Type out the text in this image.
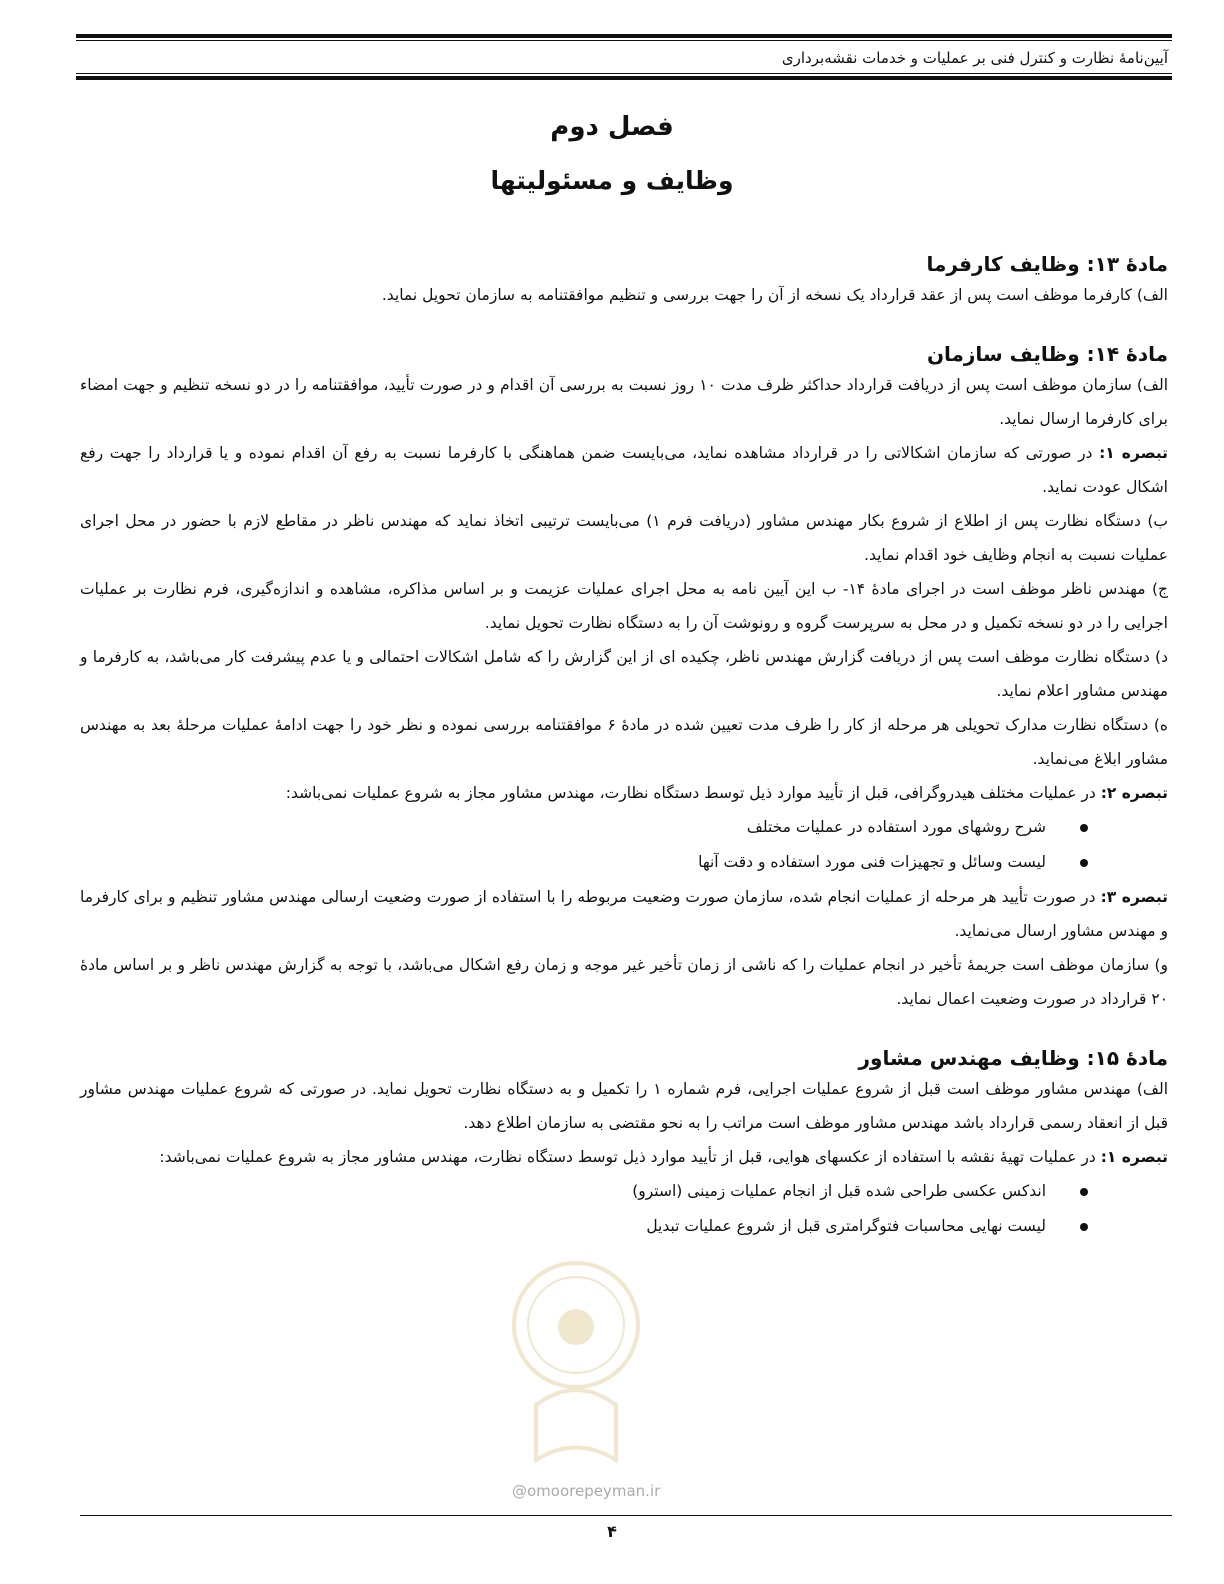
آیین‌نامهٔ نظارت و کنترل فنی بر عملیات و خدمات نقشه‌برداری
فصل دوم
وظایف و مسئولیتها

مادهٔ ۱۳: وظایف کارفرما

الف) کارفرما موظف است پس از عقد قرارداد یک نسخه از آن را جهت بررسی و تنظیم موافقتنامه به سازمان تحویل نماید.

مادهٔ ۱۴: وظایف سازمان

الف) سازمان موظف است پس از دریافت قرارداد حداکثر ظرف مدت ۱۰ روز نسبت به بررسی آن اقدام و در صورت تأیید، موافقتنامه را در دو نسخه تنظیم و جهت امضاء برای کارفرما ارسال نماید.

تبصره ۱: در صورتی که سازمان اشکالاتی را در قرارداد مشاهده نماید، می‌بایست ضمن هماهنگی با کارفرما نسبت به رفع آن اقدام نموده و یا قرارداد را جهت رفع اشکال عودت نماید.

ب) دستگاه نظارت پس از اطلاع از شروع بکار مهندس مشاور (دریافت فرم ۱) می‌بایست ترتیبی اتخاذ نماید که مهندس ناظر در مقاطع لازم با حضور در محل اجرای عملیات نسبت به انجام وظایف خود اقدام نماید.

ج) مهندس ناظر موظف است در اجرای مادهٔ ۱۴- ب این آیین نامه به محل اجرای عملیات عزیمت و بر اساس مذاکره، مشاهده و اندازه‌گیری، فرم نظارت بر عملیات اجرایی را در دو نسخه تکمیل و در محل به سرپرست گروه و رونوشت آن را به دستگاه نظارت تحویل نماید.

د) دستگاه نظارت موظف است پس از دریافت گزارش مهندس ناظر، چکیده ای از این گزارش را که شامل اشکالات احتمالی و یا عدم پیشرفت کار می‌باشد، به کارفرما و مهندس مشاور اعلام نماید.

ه) دستگاه نظارت مدارک تحویلی هر مرحله از کار را ظرف مدت تعیین شده در مادهٔ ۶ موافقتنامه بررسی نموده و نظر خود را جهت ادامهٔ عملیات مرحلهٔ بعد به مهندس مشاور ابلاغ می‌نماید.

تبصره ۲: در عملیات مختلف هیدروگرافی، قبل از تأیید موارد ذیل توسط دستگاه نظارت، مهندس مشاور مجاز به شروع عملیات نمی‌باشد:

شرح روشهای مورد استفاده در عملیات مختلف
لیست وسائل و تجهیزات فنی مورد استفاده و دقت آنها

تبصره ۳: در صورت تأیید هر مرحله از عملیات انجام شده، سازمان صورت وضعیت مربوطه را با استفاده از صورت وضعیت ارسالی مهندس مشاور تنظیم و برای کارفرما و مهندس مشاور ارسال می‌نماید.

و) سازمان موظف است جریمهٔ تأخیر در انجام عملیات را که ناشی از زمان تأخیر غیر موجه و زمان رفع اشکال می‌باشد، با توجه به گزارش مهندس ناظر و بر اساس مادهٔ ۲۰ قرارداد در صورت وضعیت اعمال نماید.

مادهٔ ۱۵: وظایف مهندس مشاور

الف) مهندس مشاور موظف است قبل از شروع عملیات اجرایی، فرم شماره ۱ را تکمیل و به دستگاه نظارت تحویل نماید. در صورتی که شروع عملیات مهندس مشاور قبل از انعقاد رسمی قرارداد باشد مهندس مشاور موظف است مراتب را به نحو مقتضی به سازمان اطلاع دهد.

تبصره ۱: در عملیات تهیهٔ نقشه با استفاده از عکسهای هوایی، قبل از تأیید موارد ذیل توسط دستگاه نظارت، مهندس مشاور مجاز به شروع عملیات نمی‌باشد:

اندکس عکسی طراحی شده قبل از انجام عملیات زمینی (استرو)
لیست نهایی محاسبات فتوگرامتری قبل از شروع عملیات تبدیل
@omoorepeyman.ir
۴
